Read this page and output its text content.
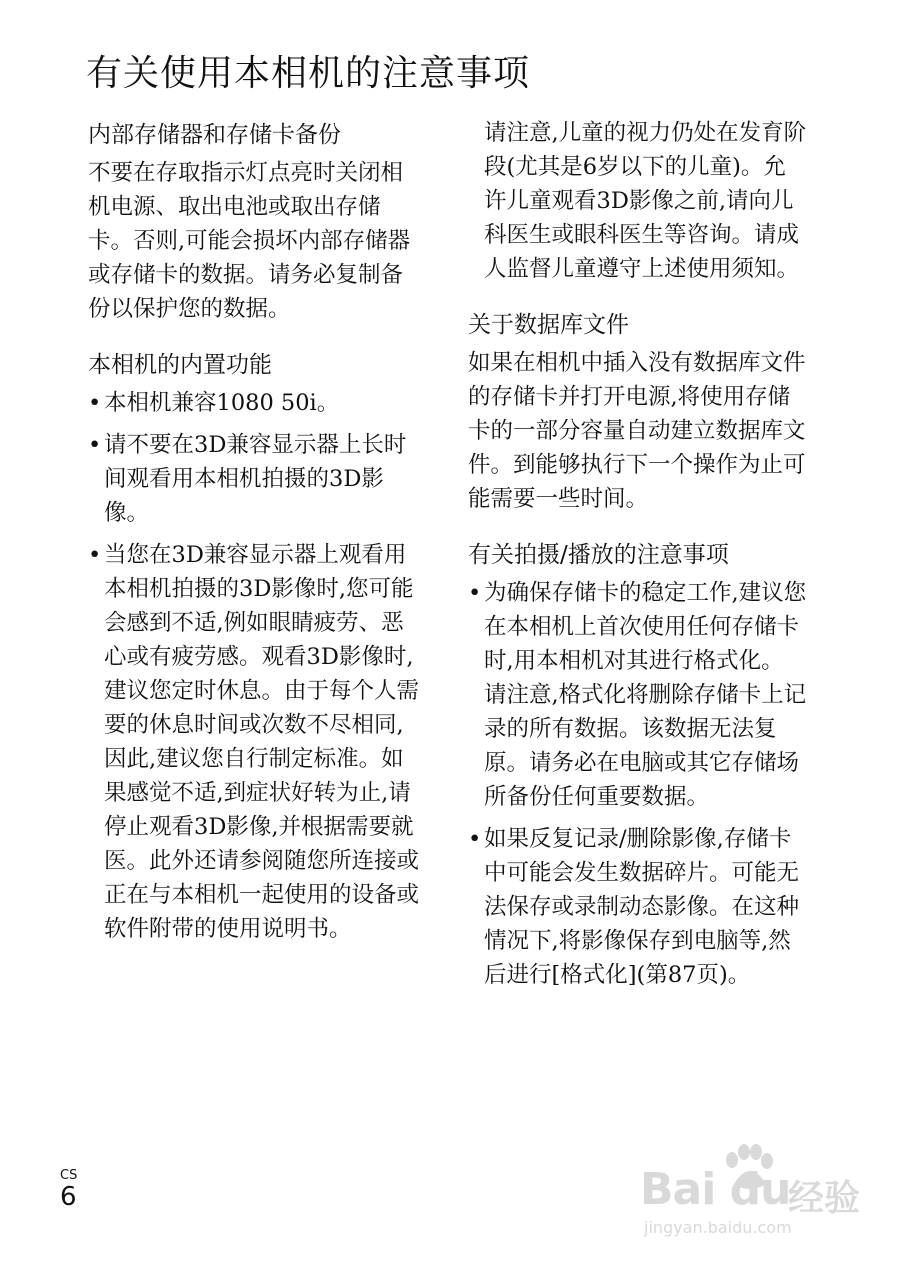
有关使用本相机的注意事项
内部存储器和存储卡备份

不要在存取指示灯点亮时关闭相机电源、取出电池或取出存储卡。否则,可能会损坏内部存储器或存储卡的数据。请务必复制备份以保护您的数据。

本相机的内置功能
• 本相机兼容1080 50i。
• 请不要在3D兼容显示器上长时间观看用本相机拍摄的3D影像。
• 当您在3D兼容显示器上观看用本相机拍摄的3D影像时,您可能会感到不适,例如眼睛疲劳、恶心或有疲劳感。观看3D影像时,建议您定时休息。由于每个人需要的休息时间或次数不尽相同,因此,建议您自行制定标准。如果感觉不适,到症状好转为止,请停止观看3D影像,并根据需要就医。此外还请参阅随您所连接或正在与本相机一起使用的设备或软件附带的使用说明书。

请注意,儿童的视力仍处在发育阶段(尤其是6岁以下的儿童)。允许儿童观看3D影像之前,请向儿科医生或眼科医生等咨询。请成人监督儿童遵守上述使用须知。

关于数据库文件

如果在相机中插入没有数据库文件的存储卡并打开电源,将使用存储卡的一部分容量自动建立数据库文件。到能够执行下一个操作为止可能需要一些时间。

有关拍摄/播放的注意事项
• 为确保存储卡的稳定工作,建议您在本相机上首次使用任何存储卡时,用本相机对其进行格式化。
请注意,格式化将删除存储卡上记录的所有数据。该数据无法复原。请务必在电脑或其它存储场所备份任何重要数据。
• 如果反复记录/删除影像,存储卡中可能会发生数据碎片。可能无法保存或录制动态影像。在这种情况下,将影像保存到电脑等,然后进行[格式化](第87页)。
CS
6	Bai du
经验
jingyan.baidu.com
